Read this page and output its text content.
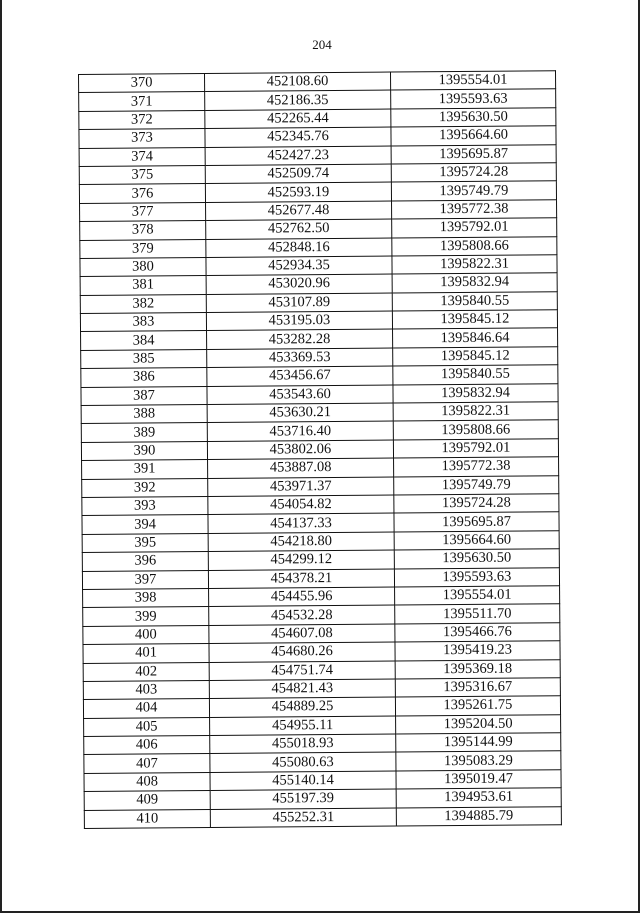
204
370	452108.60	1395554.01
371	452186.35	1395593.63
372	452265.44	1395630.50
373	452345.76	1395664.60
374	452427.23	1395695.87
375	452509.74	1395724.28
376	452593.19	1395749.79
377	452677.48	1395772.38
378	452762.50	1395792.01
379	452848.16	1395808.66
380	452934.35	1395822.31
381	453020.96	1395832.94
382	453107.89	1395840.55
383	453195.03	1395845.12
384	453282.28	1395846.64
385	453369.53	1395845.12
386	453456.67	1395840.55
387	453543.60	1395832.94
388	453630.21	1395822.31
389	453716.40	1395808.66
390	453802.06	1395792.01
391	453887.08	1395772.38
392	453971.37	1395749.79
393	454054.82	1395724.28
394	454137.33	1395695.87
395	454218.80	1395664.60
396	454299.12	1395630.50
397	454378.21	1395593.63
398	454455.96	1395554.01
399	454532.28	1395511.70
400	454607.08	1395466.76
401	454680.26	1395419.23
402	454751.74	1395369.18
403	454821.43	1395316.67
404	454889.25	1395261.75
405	454955.11	1395204.50
406	455018.93	1395144.99
407	455080.63	1395083.29
408	455140.14	1395019.47
409	455197.39	1394953.61
410	455252.31	1394885.79
